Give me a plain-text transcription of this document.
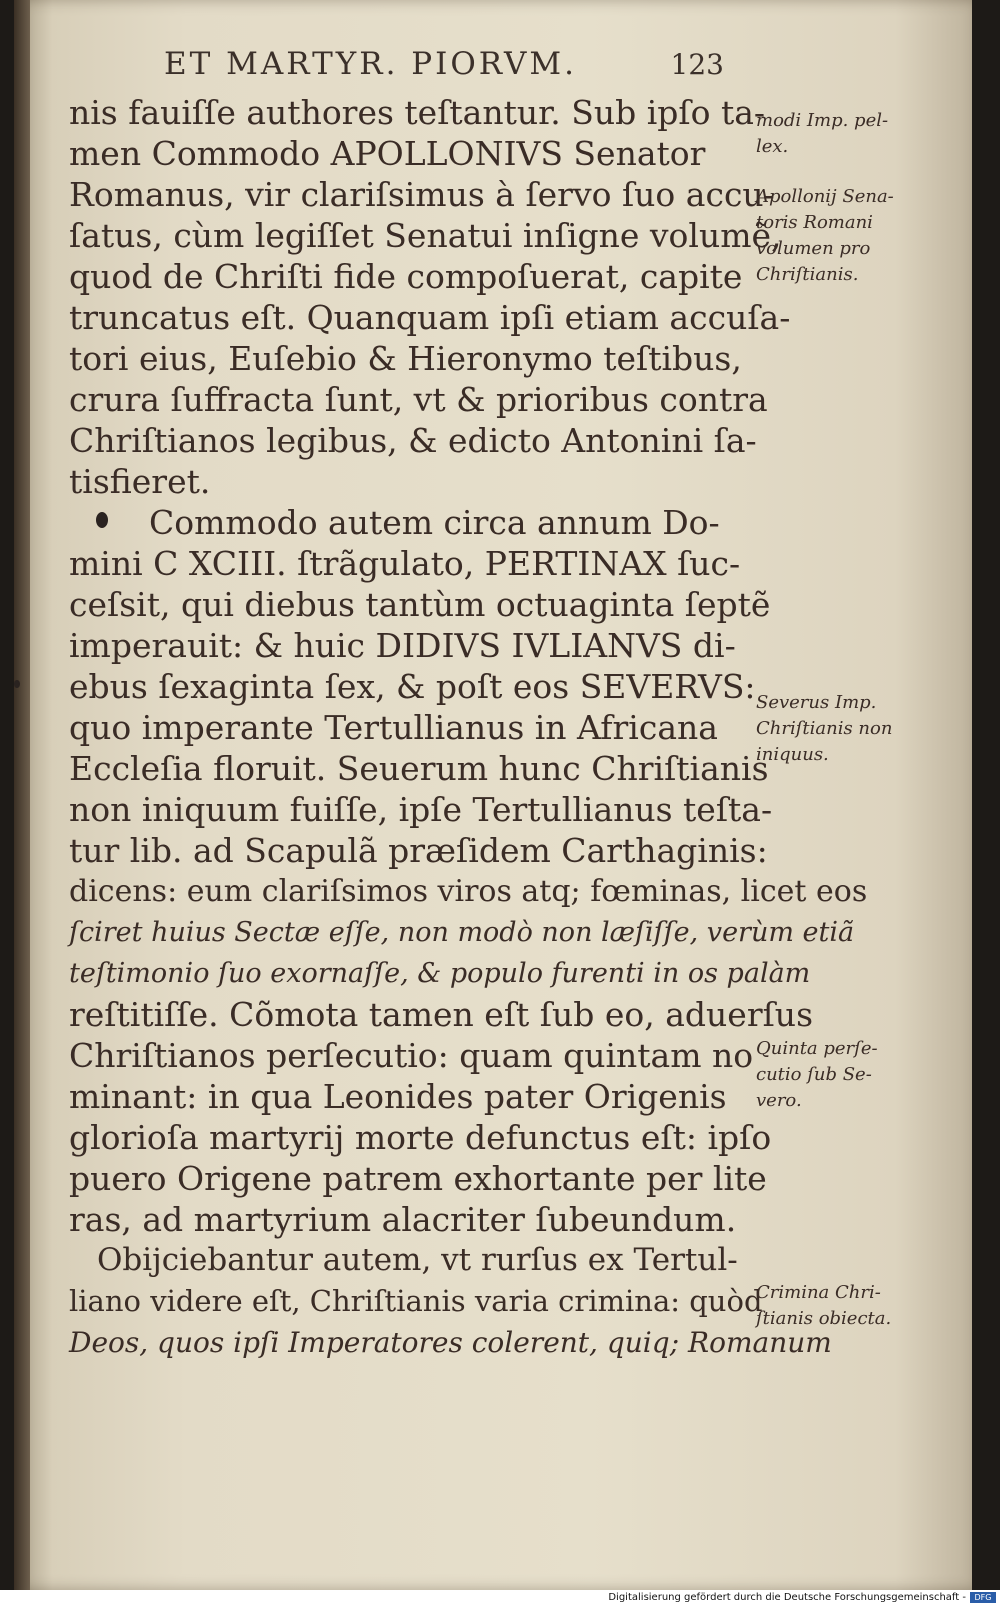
ET MARTYR. PIORVM.	123
nis fauiſſe authores teſtantur. Sub ipſo ta-
men Commodo APOLLONIVS Senator
Romanus, vir clariſsimus à ſervo ſuo accu-
ſatus, cùm legiſſet Senatui inſigne volumẽ,
quod de Chriſti fide compoſuerat, capite
truncatus eſt. Quanquam ipſi etiam accuſa-
tori eius, Euſebio & Hieronymo teſtibus,
crura ſuffracta ſunt, vt & prioribus contra
Chriſtianos legibus, & edicto Antonini ſa-
tisfieret.
Commodo autem circa annum Do-
mini C XCIII. ſtrãgulato, PERTINAX ſuc-
ceſsit, qui diebus tantùm octuaginta ſeptẽ
imperauit: & huic DIDIVS IVLIANVS di-
ebus ſexaginta ſex, & poſt eos SEVERVS:
quo imperante Tertullianus in Africana
Eccleſia floruit. Seuerum hunc Chriſtianis
non iniquum fuiſſe, ipſe Tertullianus teſta-
tur lib. ad Scapulã præſidem Carthaginis:
dicens: eum clariſsimos viros atq; fœminas, licet eos
ſciret huius Sectæ eſſe, non modò non læſiſſe, verùm etiã
teſtimonio ſuo exornaſſe, & populo furenti in os palàm
reſtitiſſe. Cõmota tamen eſt ſub eo, aduerſus
Chriſtianos perſecutio: quam quintam no
minant: in qua Leonides pater Origenis
glorioſa martyrij morte defunctus eſt: ipſo
puero Origene patrem exhortante per lite
ras, ad martyrium alacriter ſubeundum.
Obijciebantur autem, vt rurſus ex Tertul-
liano videre eſt, Chriſtianis varia crimina: quòd
Deos, quos ipſi Imperatores colerent, quiq; Romanum
modi Imp. pel-
lex.
Apollonij Sena-
toris Romani
volumen pro
Chriſtianis.
Severus Imp.
Chriſtianis non
iniquus.
Quinta perſe-
cutio ſub Se-
vero.
Crimina Chri-
ſtianis obiecta.
Digitalisierung gefördert durch die Deutsche Forschungsgemeinschaft -	DFG
